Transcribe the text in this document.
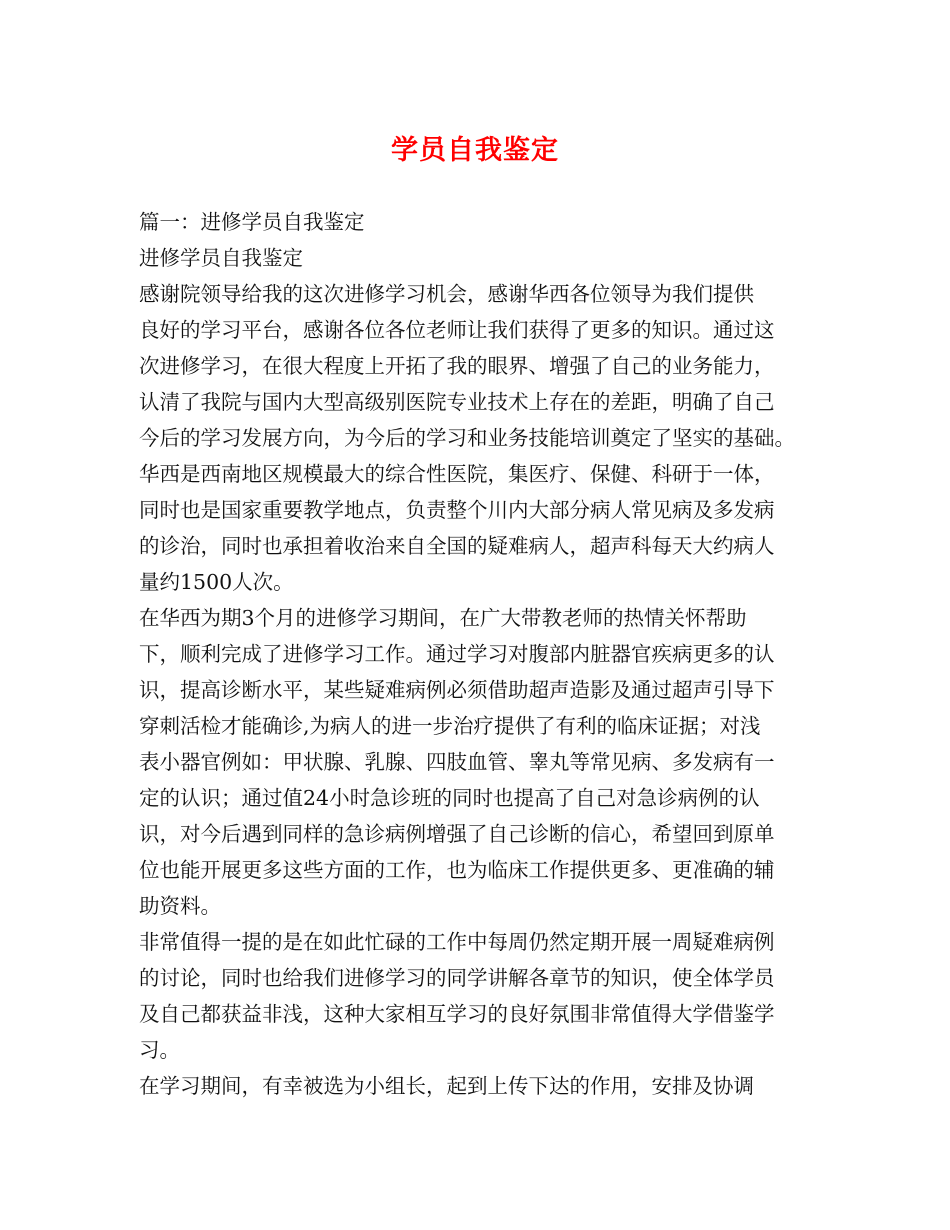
学员自我鉴定
篇一：进修学员自我鉴定
进修学员自我鉴定
感谢院领导给我的这次进修学习机会，感谢华西各位领导为我们提供
良好的学习平台，感谢各位各位老师让我们获得了更多的知识。通过这
次进修学习，在很大程度上开拓了我的眼界、增强了自己的业务能力，
认清了我院与国内大型高级别医院专业技术上存在的差距，明确了自己
今后的学习发展方向，为今后的学习和业务技能培训奠定了坚实的基础。
华西是西南地区规模最大的综合性医院，集医疗、保健、科研于一体，
同时也是国家重要教学地点，负责整个川内大部分病人常见病及多发病
的诊治，同时也承担着收治来自全国的疑难病人，超声科每天大约病人
量约1500人次。
在华西为期3个月的进修学习期间，在广大带教老师的热情关怀帮助
下，顺利完成了进修学习工作。通过学习对腹部内脏器官疾病更多的认
识，提高诊断水平，某些疑难病例必须借助超声造影及通过超声引导下
穿刺活检才能确诊,为病人的进一步治疗提供了有利的临床证据；对浅
表小器官例如：甲状腺、乳腺、四肢血管、睾丸等常见病、多发病有一
定的认识；通过值24小时急诊班的同时也提高了自己对急诊病例的认
识，对今后遇到同样的急诊病例增强了自己诊断的信心，希望回到原单
位也能开展更多这些方面的工作，也为临床工作提供更多、更准确的辅
助资料。
非常值得一提的是在如此忙碌的工作中每周仍然定期开展一周疑难病例
的讨论，同时也给我们进修学习的同学讲解各章节的知识，使全体学员
及自己都获益非浅，这种大家相互学习的良好氛围非常值得大学借鉴学
习。
在学习期间，有幸被选为小组长，起到上传下达的作用，安排及协调
